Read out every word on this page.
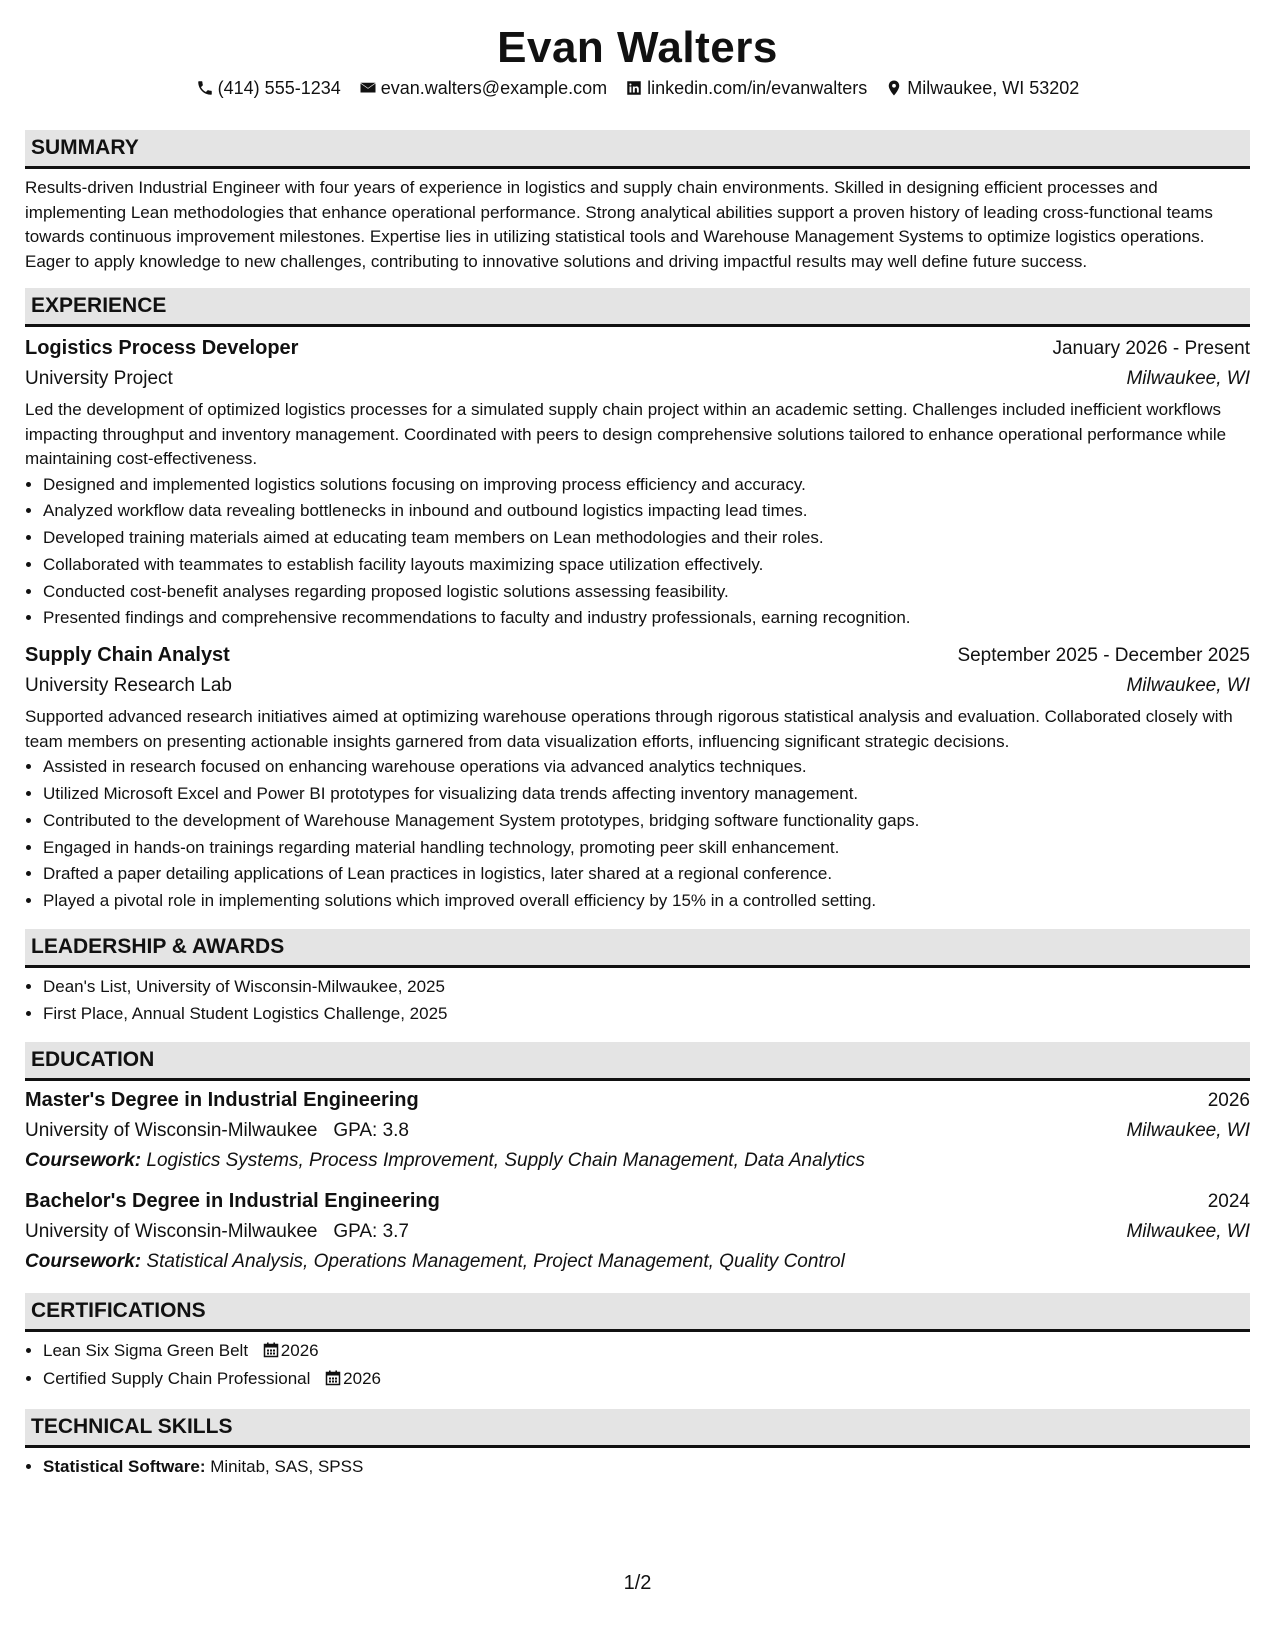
Evan Walters
(414) 555-1234 evan.walters@example.com linkedin.com/in/evanwalters Milwaukee, WI 53202
SUMMARY

Results-driven Industrial Engineer with four years of experience in logistics and supply chain environments. Skilled in designing efficient processes and implementing Lean methodologies that enhance operational performance. Strong analytical abilities support a proven history of leading cross-functional teams towards continuous improvement milestones. Expertise lies in utilizing statistical tools and Warehouse Management Systems to optimize logistics operations. Eager to apply knowledge to new challenges, contributing to innovative solutions and driving impactful results may well define future success.

EXPERIENCE
Logistics Process Developer	January 2026 - Present
University Project	Milwaukee, WI
Led the development of optimized logistics processes for a simulated supply chain project within an academic setting. Challenges included inefficient workflows impacting throughput and inventory management. Coordinated with peers to design comprehensive solutions tailored to enhance operational performance while maintaining cost-effectiveness.
• Designed and implemented logistics solutions focusing on improving process efficiency and accuracy.
• Analyzed workflow data revealing bottlenecks in inbound and outbound logistics impacting lead times.
• Developed training materials aimed at educating team members on Lean methodologies and their roles.
• Collaborated with teammates to establish facility layouts maximizing space utilization effectively.
• Conducted cost-benefit analyses regarding proposed logistic solutions assessing feasibility.
• Presented findings and comprehensive recommendations to faculty and industry professionals, earning recognition.
Supply Chain Analyst	September 2025 - December 2025
University Research Lab	Milwaukee, WI
Supported advanced research initiatives aimed at optimizing warehouse operations through rigorous statistical analysis and evaluation. Collaborated closely with team members on presenting actionable insights garnered from data visualization efforts, influencing significant strategic decisions.
• Assisted in research focused on enhancing warehouse operations via advanced analytics techniques.
• Utilized Microsoft Excel and Power BI prototypes for visualizing data trends affecting inventory management.
• Contributed to the development of Warehouse Management System prototypes, bridging software functionality gaps.
• Engaged in hands-on trainings regarding material handling technology, promoting peer skill enhancement.
• Drafted a paper detailing applications of Lean practices in logistics, later shared at a regional conference.
• Played a pivotal role in implementing solutions which improved overall efficiency by 15% in a controlled setting.
LEADERSHIP & AWARDS
• Dean's List, University of Wisconsin-Milwaukee, 2025
• First Place, Annual Student Logistics Challenge, 2025
EDUCATION
Master's Degree in Industrial Engineering	2026
University of Wisconsin-Milwaukee GPA: 3.8	Milwaukee, WI
Coursework: Logistics Systems, Process Improvement, Supply Chain Management, Data Analytics
Bachelor's Degree in Industrial Engineering	2024
University of Wisconsin-Milwaukee GPA: 3.7	Milwaukee, WI
Coursework: Statistical Analysis, Operations Management, Project Management, Quality Control
CERTIFICATIONS
• Lean Six Sigma Green Belt 2026
• Certified Supply Chain Professional 2026
TECHNICAL SKILLS
• Statistical Software: Minitab, SAS, SPSS
1/2
